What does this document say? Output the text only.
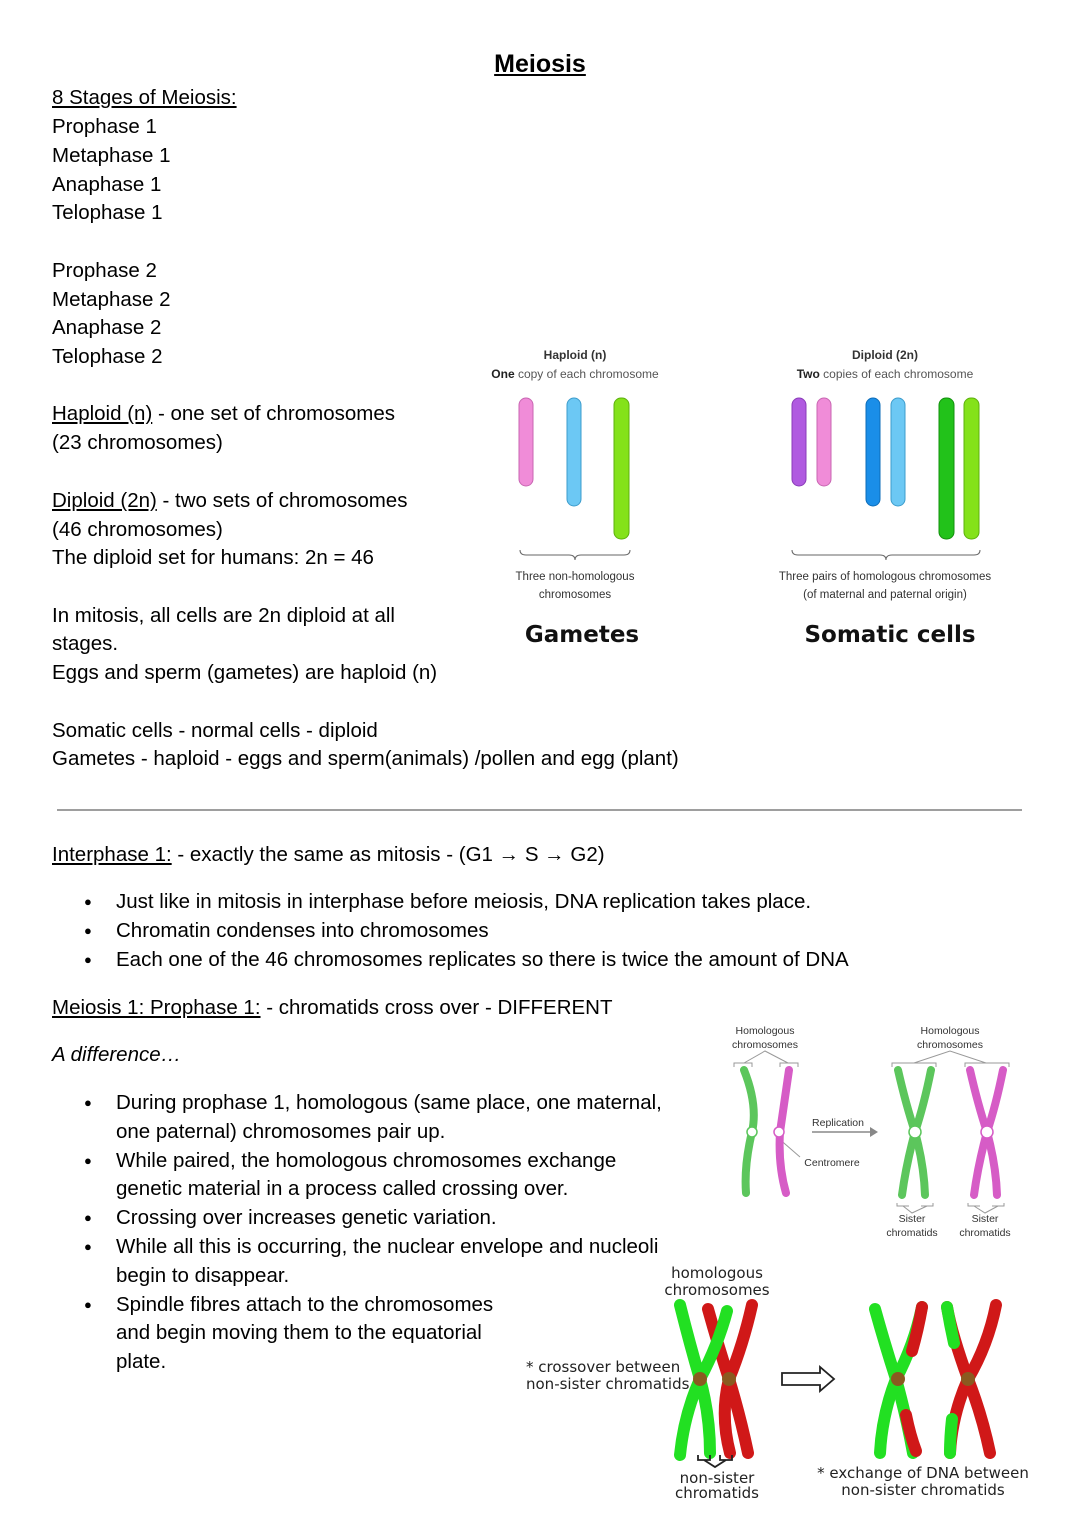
Meiosis
8 Stages of Meiosis:
Prophase 1
Metaphase 1
Anaphase 1
Telophase 1
Prophase 2
Metaphase 2
Anaphase 2
Telophase 2
Haploid (n) - one set of chromosomes
(23 chromosomes)
Diploid (2n) - two sets of chromosomes
(46 chromosomes)
The diploid set for humans: 2n = 46
In mitosis, all cells are 2n diploid at all
stages.
Eggs and sperm (gametes) are haploid (n)
Somatic cells - normal cells - diploid
Gametes - haploid - eggs and sperm(animals) /pollen and egg (plant)
Haploid (n)
One copy of each chromosome
Three non-homologous
chromosomes
Gametes
Diploid (2n)
Two copies of each chromosome
Three pairs of homologous chromosomes
(of maternal and paternal origin)
Somatic cells
Interphase 1: - exactly the same as mitosis - (G1 → S → G2)
● Just like in mitosis in interphase before meiosis, DNA replication takes place.
● Chromatin condenses into chromosomes
● Each one of the 46 chromosomes replicates so there is twice the amount of DNA
Meiosis 1: Prophase 1: - chromatids cross over - DIFFERENT
A difference…
● During prophase 1, homologous (same place, one maternal,
one paternal) chromosomes pair up.
● While paired, the homologous chromosomes exchange
genetic material in a process called crossing over.
● Crossing over increases genetic variation.
● While all this is occurring, the nuclear envelope and nucleoli
begin to disappear.
● Spindle fibres attach to the chromosomes
and begin moving them to the equatorial
plate.
Homologous
chromosomes
Homologous
chromosomes
Replication
Centromere
Sister
chromatids
Sister
chromatids
homologous
chromosomes
* crossover between
non-sister chromatids
non-sister
chromatids
* exchange of DNA between
non-sister chromatids
